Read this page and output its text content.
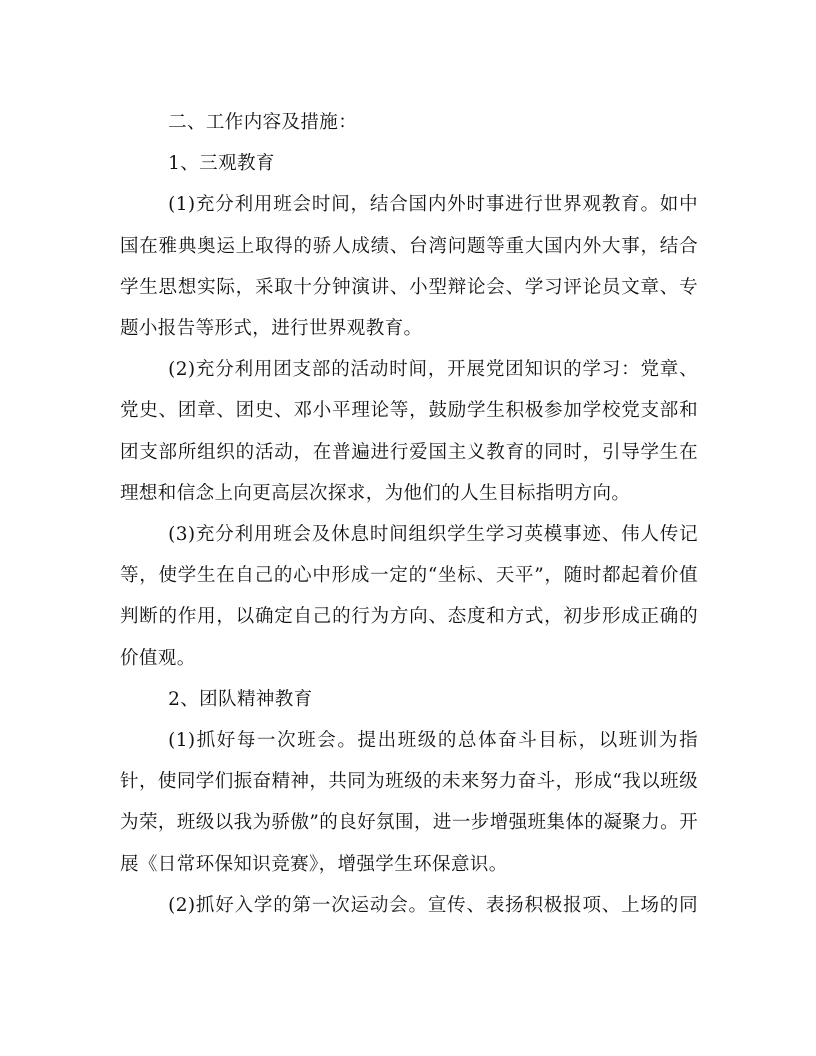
二、工作内容及措施：

1、三观教育

(1)充分利用班会时间，结合国内外时事进行世界观教育。如中国在雅典奥运上取得的骄人成绩、台湾问题等重大国内外大事，结合学生思想实际，采取十分钟演讲、小型辩论会、学习评论员文章、专题小报告等形式，进行世界观教育。

(2)充分利用团支部的活动时间，开展党团知识的学习：党章、党史、团章、团史、邓小平理论等，鼓励学生积极参加学校党支部和团支部所组织的活动，在普遍进行爱国主义教育的同时，引导学生在理想和信念上向更高层次探求，为他们的人生目标指明方向。

(3)充分利用班会及休息时间组织学生学习英模事迹、伟人传记等，使学生在自己的心中形成一定的“坐标、天平”，随时都起着价值判断的作用，以确定自己的行为方向、态度和方式，初步形成正确的价值观。

2、团队精神教育

(1)抓好每一次班会。提出班级的总体奋斗目标，以班训为指针，使同学们振奋精神，共同为班级的未来努力奋斗，形成“我以班级为荣，班级以我为骄傲”的良好氛围，进一步增强班集体的凝聚力。开展《日常环保知识竞赛》，增强学生环保意识。

(2)抓好入学的第一次运动会。宣传、表扬积极报项、上场的同
